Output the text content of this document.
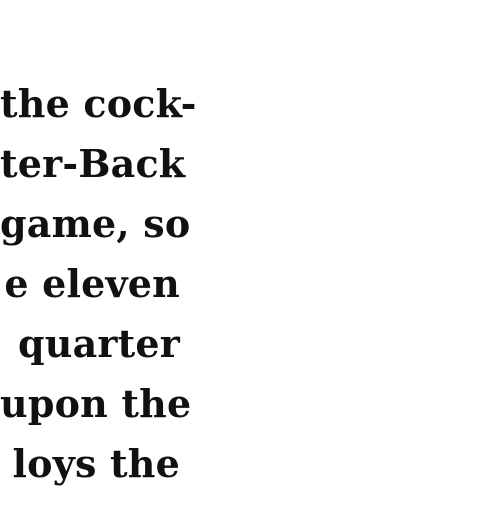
the cock-
ter-Back
game, so
e eleven
quarter
upon the
loys the
